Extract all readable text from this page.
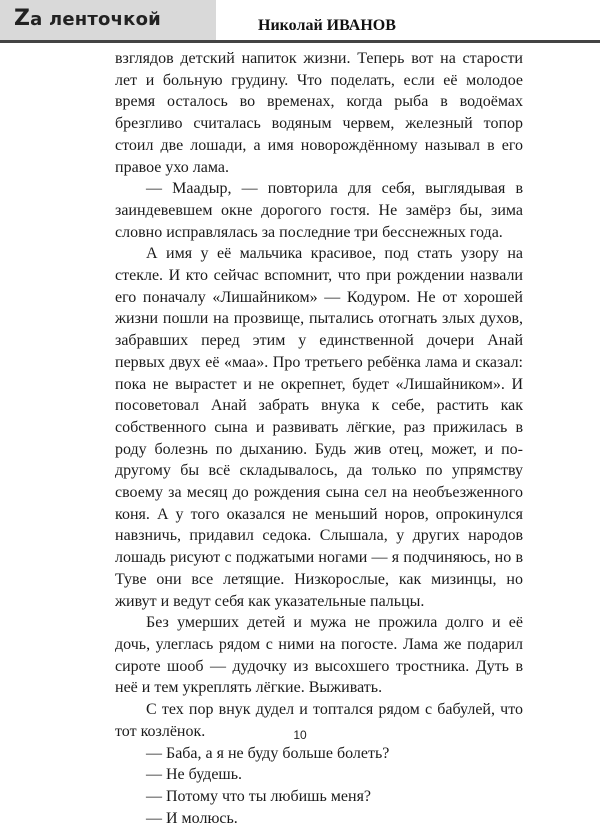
Zа ленточкой	Николай ИВАНОВ

взглядов детский напиток жизни. Теперь вот на старости лет и больную грудину. Что поделать, если её молодое время осталось во временах, когда рыба в водоёмах брезгливо считалась водяным червем, железный топор стоил две лошади, а имя новорождённому называл в его правое ухо лама.

— Маадыр, — повторила для себя, выглядывая в заиндевевшем окне дорогого гостя. Не замёрз бы, зима словно исправлялась за последние три бесснежных года.

А имя у её мальчика красивое, под стать узору на стекле. И кто сейчас вспомнит, что при рождении назвали его поначалу «Лишайником» — Кодуром. Не от хорошей жизни пошли на прозвище, пытались отогнать злых духов, забравших перед этим у единственной дочери Анай первых двух её «маа». Про третьего ребёнка лама и сказал: пока не вырастет и не окрепнет, будет «Лишайником». И посоветовал Анай забрать внука к себе, растить как собственного сына и развивать лёгкие, раз прижилась в роду болезнь по дыханию. Будь жив отец, может, и по-другому бы всё складывалось, да только по упрямству своему за месяц до рождения сына сел на необъезженного коня. А у того оказался не меньший норов, опрокинулся навзничь, придавил седока. Слышала, у других народов лошадь рисуют с поджатыми ногами — я подчиняюсь, но в Туве они все летящие. Низкорослые, как мизинцы, но живут и ведут себя как указательные пальцы.

Без умерших детей и мужа не прожила долго и её дочь, улеглась рядом с ними на погосте. Лама же подарил сироте шооб — дудочку из высохшего тростника. Дуть в неё и тем укреплять лёгкие. Выживать.

С тех пор внук дудел и топтался рядом с бабулей, что тот козлёнок.

— Баба, а я не буду больше болеть?

— Не будешь.

— Потому что ты любишь меня?

— И молюсь.

10
